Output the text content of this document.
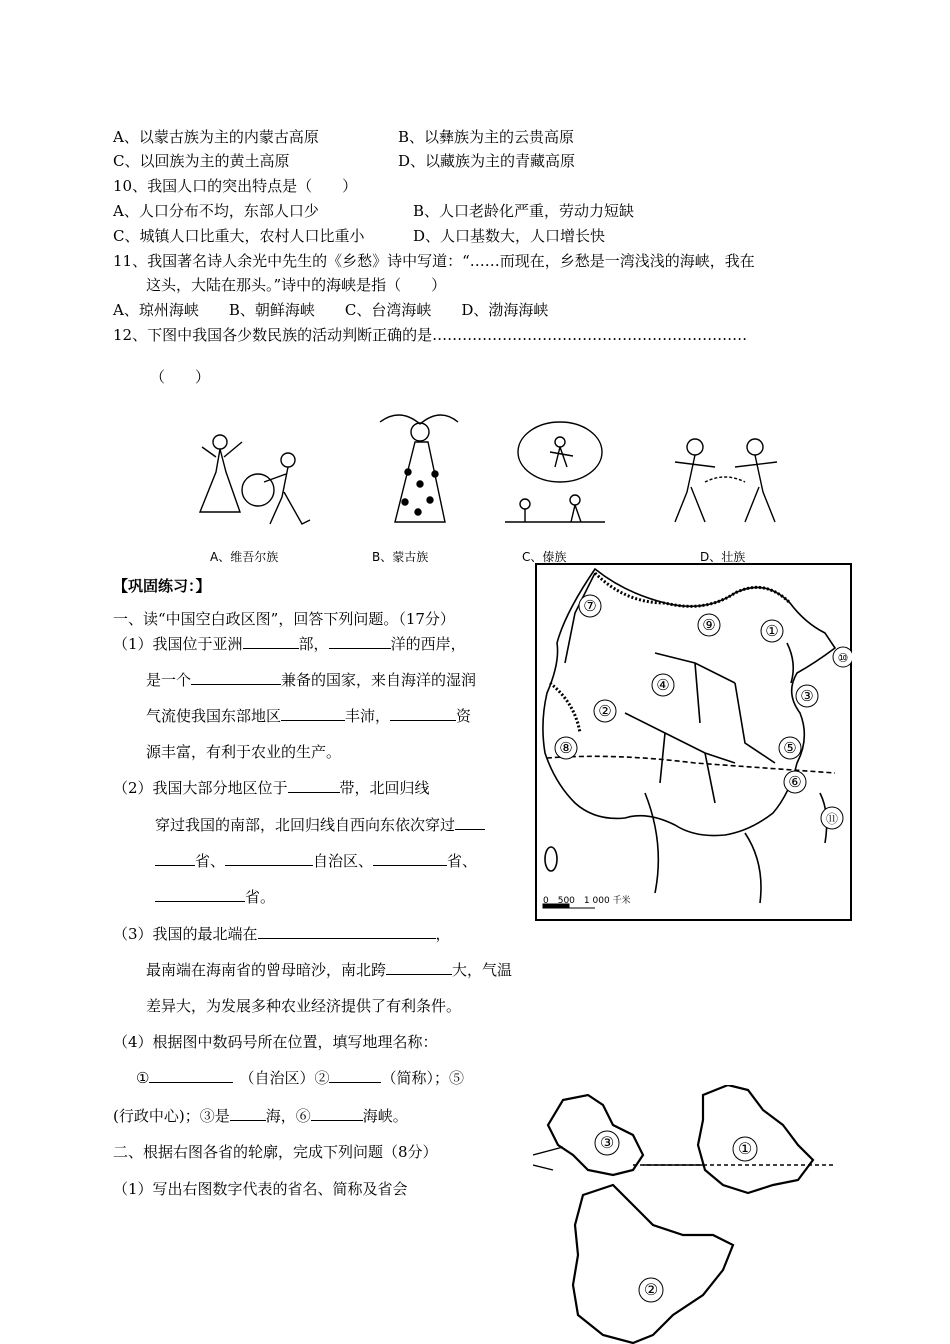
A、以蒙古族为主的内蒙古高原	B、以彝族为主的云贵高原
C、以回族为主的黄土高原	D、以藏族为主的青藏高原
10、我国人口的突出特点是（　　）
A、人口分布不均，东部人口少	B、人口老龄化严重，劳动力短缺
C、城镇人口比重大，农村人口比重小	D、人口基数大，人口增长快
11、我国著名诗人余光中先生的《乡愁》诗中写道：“……而现在，乡愁是一湾浅浅的海峡，我在
这头，大陆在那头。”诗中的海峡是指（　　）
A、琼州海峡　　B、朝鲜海峡　　C、台湾海峡　　D、渤海海峡
12、下图中我国各少数民族的活动判断正确的是………………………………………………………
（　　）
A、维吾尔族	B、蒙古族	C、傣族	D、壮族
【巩固练习：】
一、读“中国空白政区图”，回答下列问题。（17分）
（1）我国位于亚洲	部，	洋的西岸，
是一个	兼备的国家，来自海洋的湿润
气流使我国东部地区	丰沛，	资
源丰富，有利于农业的生产。
（2）我国大部分地区位于	带，北回归线
穿过我国的南部，北回归线自西向东依次穿过
省、	自治区、	省、
省。
（3）我国的最北端在	，
最南端在海南省的曾母暗沙，南北跨	大，气温
差异大，为发展多种农业经济提供了有利条件。
（4）根据图中数码号所在位置，填写地理名称：
①	（自治区）②	（简称）；⑤
(行政中心)；③是 海，⑥	海峡。
二、根据右图各省的轮廓，完成下列问题（8分）
（1）写出右图数字代表的省名、简称及省会
⑦
⑨	①
⑩
④
③
②
⑤
⑧
⑥
⑪
0　500　1 000 千米
③	①
②
